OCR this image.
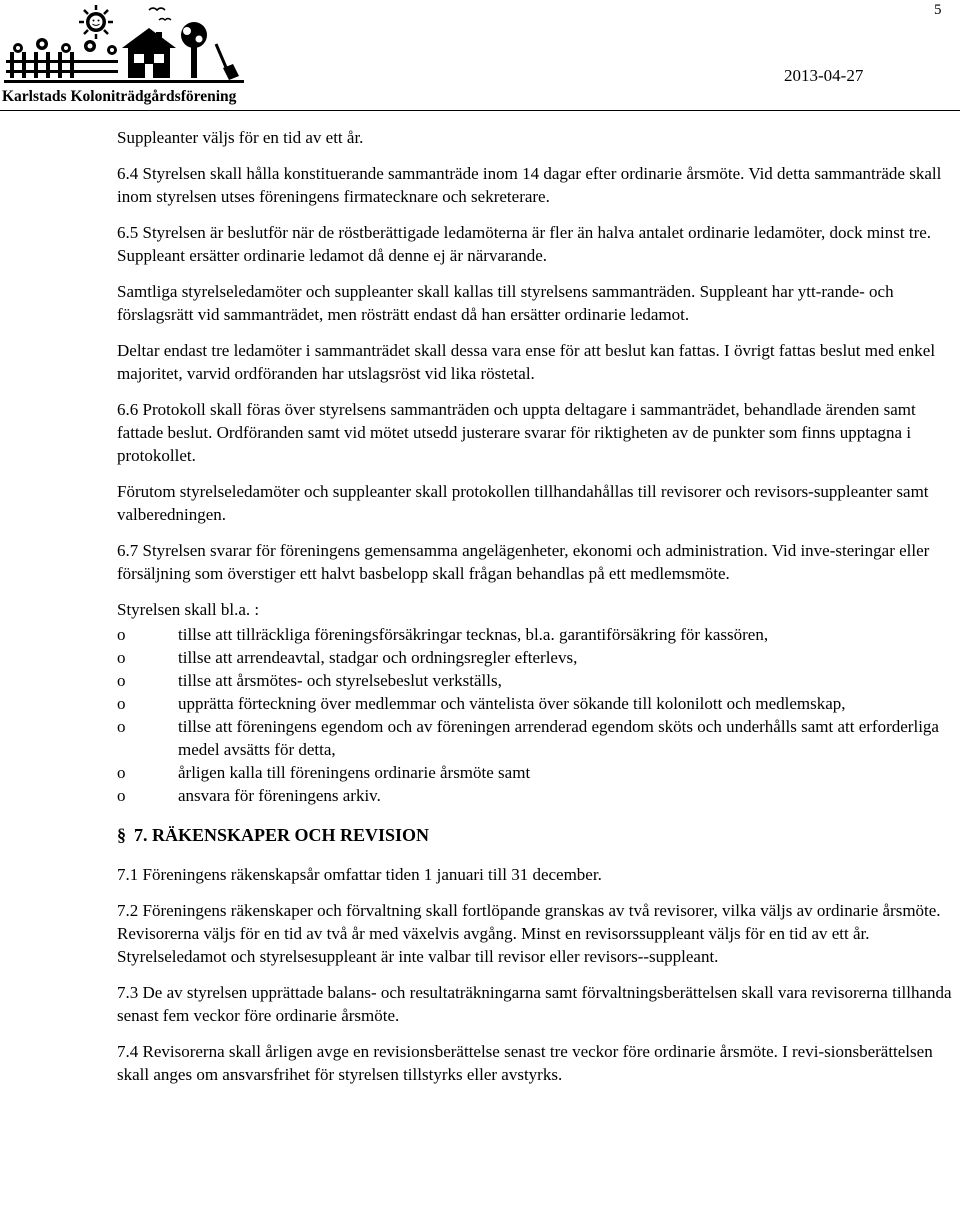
5
Karlstads Koloniträdgårdsförening
2013-04-27

Suppleanter väljs för en tid av ett år.

6.4 Styrelsen skall hålla konstituerande sammanträde inom 14 dagar efter ordinarie årsmöte. Vid detta sammanträde skall inom styrelsen utses föreningens firmatecknare och sekreterare.

6.5 Styrelsen är beslutför när de röstberättigade ledamöterna är fler än halva antalet ordinarie ledamöter, dock minst tre. Suppleant ersätter ordinarie ledamot då denne ej är närvarande.

Samtliga styrelseledamöter och suppleanter skall kallas till styrelsens sammanträden. Suppleant har ytt-rande- och förslagsrätt vid sammanträdet, men rösträtt endast då han ersätter ordinarie ledamot.

Deltar endast tre ledamöter i sammanträdet skall dessa vara ense för att beslut kan fattas. I övrigt fattas beslut med enkel majoritet, varvid ordföranden har utslagsröst vid lika röstetal.

6.6 Protokoll skall föras över styrelsens sammanträden och uppta deltagare i sammanträdet, behandlade ärenden samt fattade beslut. Ordföranden samt vid mötet utsedd justerare svarar för riktigheten av de punkter som finns upptagna i protokollet.

Förutom styrelseledamöter och suppleanter skall protokollen tillhandahållas till revisorer och revisors-suppleanter samt valberedningen.

6.7 Styrelsen svarar för föreningens gemensamma angelägenheter, ekonomi och administration. Vid inve-steringar eller försäljning som överstiger ett halvt basbelopp skall frågan behandlas på ett medlemsmöte.

Styrelsen skall bl.a. :

o	tillse att tillräckliga föreningsförsäkringar tecknas, bl.a. garantiförsäkring för kassören,
o	tillse att arrendeavtal, stadgar och ordningsregler efterlevs,
o	tillse att årsmötes- och styrelsebeslut verkställs,
o	upprätta förteckning över medlemmar och väntelista över sökande till kolonilott och medlemskap,
o	tillse att föreningens egendom och av föreningen arrenderad egendom sköts och underhålls samt att erforderliga medel avsätts för detta,
o	årligen kalla till föreningens ordinarie årsmöte samt
o	ansvara för föreningens arkiv.
§ 7. RÄKENSKAPER OCH REVISION

7.1 Föreningens räkenskapsår omfattar tiden 1 januari till 31 december.

7.2 Föreningens räkenskaper och förvaltning skall fortlöpande granskas av två revisorer, vilka väljs av ordinarie årsmöte. Revisorerna väljs för en tid av två år med växelvis avgång. Minst en revisorssuppleant väljs för en tid av ett år. Styrelseledamot och styrelsesuppleant är inte valbar till revisor eller revisors--suppleant.

7.3 De av styrelsen upprättade balans- och resultaträkningarna samt förvaltningsberättelsen skall vara revisorerna tillhanda senast fem veckor före ordinarie årsmöte.

7.4 Revisorerna skall årligen avge en revisionsberättelse senast tre veckor före ordinarie årsmöte. I revi-sionsberättelsen skall anges om ansvarsfrihet för styrelsen tillstyrks eller avstyrks.
